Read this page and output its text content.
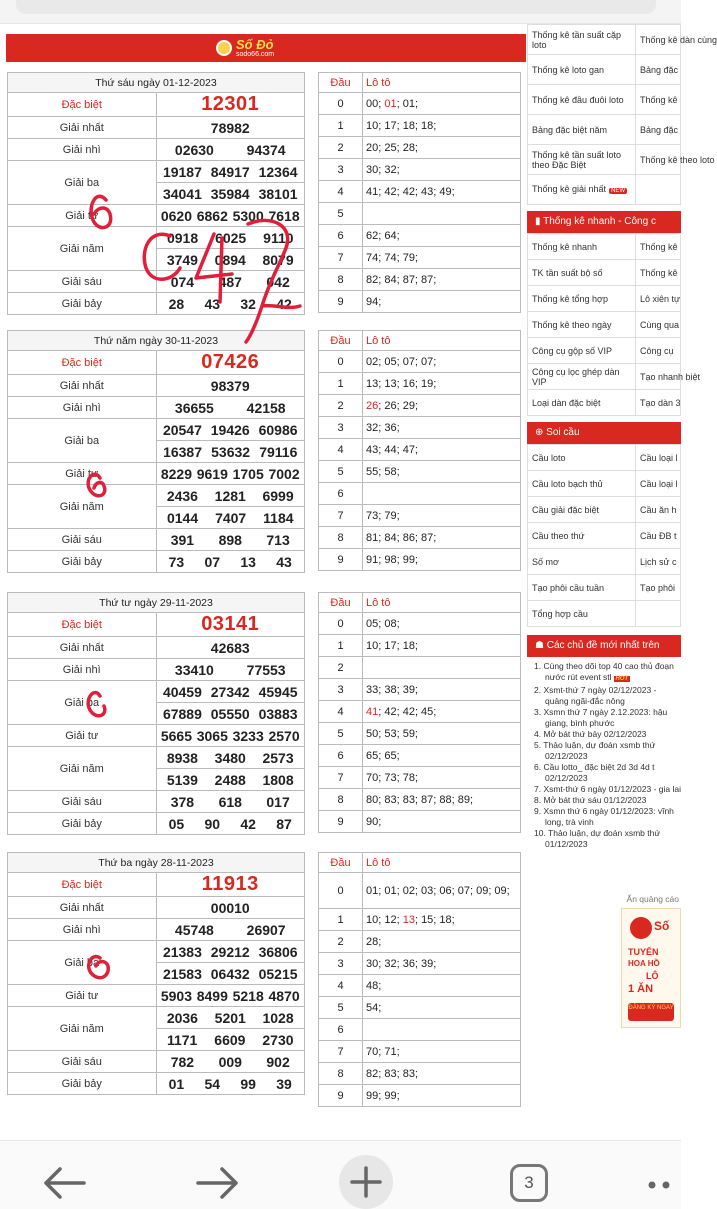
Số Đỏ
sodo66.com
Thứ sáu ngày 01-12-2023	
Đặc biệt	12301
Giải nhất	78982
Giải nhì	02630 94374

Giải ba	19187 84917 12364

	34041 35984 38101

Giải tư	0620 6862 5300 7618

Giải năm	0918 6025 9110

	3749 0894 8079

Giải sáu	074 487 042

Giải bảy	28 43 32 42
Đầu	Lô tô
0	00; 01; 01;
1	10; 17; 18; 18;
2	20; 25; 28;
3	30; 32;
4	41; 42; 42; 43; 49;
5	
6	62; 64;
7	74; 74; 79;
8	82; 84; 87; 87;
9	94;
Thứ năm ngày 30-11-2023	
Đặc biệt	07426
Giải nhất	98379
Giải nhì	36655 42158

Giải ba	20547 19426 60986

	16387 53632 79116

Giải tư	8229 9619 1705 7002

Giải năm	2436 1281 6999

	0144 7407 1184

Giải sáu	391 898 713

Giải bảy	73 07 13 43
Đầu	Lô tô
0	02; 05; 07; 07;
1	13; 13; 16; 19;
2	26; 26; 29;
3	32; 36;
4	43; 44; 47;
5	55; 58;
6	
7	73; 79;
8	81; 84; 86; 87;
9	91; 98; 99;
Thứ tư ngày 29-11-2023	
Đặc biệt	03141
Giải nhất	42683
Giải nhì	33410 77553

Giải ba	40459 27342 45945

	67889 05550 03883

Giải tư	5665 3065 3233 2570

Giải năm	8938 3480 2573

	5139 2488 1808

Giải sáu	378 618 017

Giải bảy	05 90 42 87
Đầu	Lô tô
0	05; 08;
1	10; 17; 18;
2	
3	33; 38; 39;
4	41; 42; 42; 45;
5	50; 53; 59;
6	65; 65;
7	70; 73; 78;
8	80; 83; 83; 87; 88; 89;
9	90;
Thứ ba ngày 28-11-2023	
Đặc biệt	11913
Giải nhất	00010
Giải nhì	45748 26907

Giải ba	21383 29212 36806

	21583 06432 05215

Giải tư	5903 8499 5218 4870

Giải năm	2036 5201 1028

	1171 6609 2730

Giải sáu	782 009 902

Giải bảy	01 54 99 39
Đầu	Lô tô
0	01; 01; 02; 03; 06; 07; 09; 09;
1	10; 12; 13; 15; 18;
2	28;
3	30; 32; 36; 39;
4	48;
5	54;
6	
7	70; 71;
8	82; 83; 83;
9	99; 99;
Thống kê tần suất cặp loto	Thống kê dàn cùng
Thống kê loto gan	Bảng đặc
Thống kê đầu đuôi loto	Thống kê
Bảng đặc biệt năm	Bảng đặc
Thống kê tần suất loto theo Đặc Biệt	Thống kê theo loto
Thống kê giải nhất NEW	
▮ Thống kê nhanh - Công c
Thống kê nhanh	Thống kê
TK tần suất bộ số	Thống kê
Thống kê tổng hợp	Lô xiên tự
Thống kê theo ngày	Cùng qua
Công cụ gộp số VIP	Công cụ
Công cụ lọc ghép dàn VIP	Tạo nhanh biệt
Loại dàn đặc biệt	Tạo dàn 3
⊕ Soi cầu
Cầu loto	Cầu loại l
Cầu loto bạch thủ	Cầu loại l
Cầu giải đặc biệt	Cầu ăn h
Cầu theo thứ	Cầu ĐB t
Số mơ	Lịch sử c
Tạo phôi cầu tuần	Tạo phôi
Tổng hợp cầu	
☗ Các chủ đề mới nhất trên
1. Cùng theo dõi top 40 cao thủ đoạn nước rút event stl HOT
2. Xsmt-thứ 7 ngày 02/12/2023 - quảng ngãi-đắc nông
3. Xsmn thứ 7 ngày 2.12.2023: hậu giang, bình phước
4. Mở bát thứ bảy 02/12/2023
5. Thảo luận, dự đoán xsmb thứ 02/12/2023
6. Cầu lotto_ đặc biệt 2d 3d 4d t 02/12/2023
7. Xsmt-thứ 6 ngày 01/12/2023 - gia lai
8. Mở bát thứ sáu 01/12/2023
9. Xsmn thứ 6 ngày 01/12/2023: vĩnh long, trà vinh
10. Thảo luận, dự đoán xsmb thứ 01/12/2023
Ẩn quảng cáo
Số
TUYỂN
HOA HỒ
LÔ
1 ĂN
ĐĂNG KÝ NGAY
3
